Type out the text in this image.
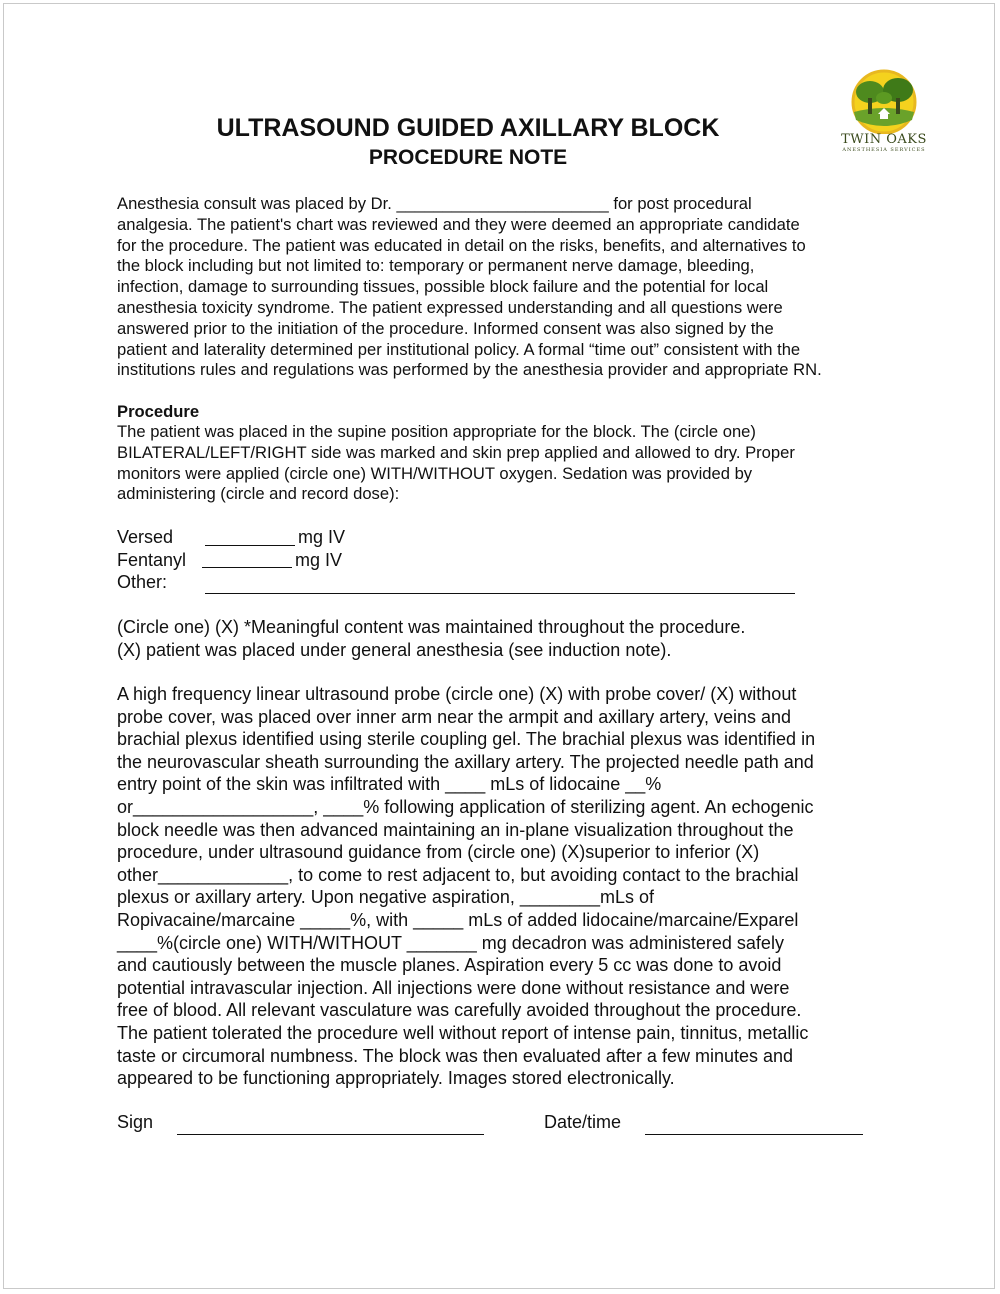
TWIN OAKS
ANESTHESIA SERVICES
ULTRASOUND GUIDED AXILLARY BLOCK
PROCEDURE NOTE

Anesthesia consult was placed by Dr. _______________________ for post procedural
analgesia. The patient's chart was reviewed and they were deemed an appropriate candidate
for the procedure. The patient was educated in detail on the risks, benefits, and alternatives to
the block including but not limited to: temporary or permanent nerve damage, bleeding,
infection, damage to surrounding tissues, possible block failure and the potential for local
anesthesia toxicity syndrome. The patient expressed understanding and all questions were
answered prior to the initiation of the procedure. Informed consent was also signed by the
patient and laterality determined per institutional policy. A formal “time out” consistent with the
institutions rules and regulations was performed by the anesthesia provider and appropriate RN.

Procedure

The patient was placed in the supine position appropriate for the block. The (circle one)
BILATERAL/LEFT/RIGHT side was marked and skin prep applied and allowed to dry. Proper
monitors were applied (circle one) WITH/WITHOUT oxygen. Sedation was provided by
administering (circle and record dose):

Versed	mg IV
Fentanyl	mg IV
Other:

(Circle one) (X) *Meaningful content was maintained throughout the procedure.
(X) patient was placed under general anesthesia (see induction note).

A high frequency linear ultrasound probe (circle one) (X) with probe cover/ (X) without
probe cover, was placed over inner arm near the armpit and axillary artery, veins and
brachial plexus identified using sterile coupling gel. The brachial plexus was identified in
the neurovascular sheath surrounding the axillary artery. The projected needle path and
entry point of the skin was infiltrated with ____ mLs of lidocaine __%
or__________________, ____% following application of sterilizing agent. An echogenic
block needle was then advanced maintaining an in-plane visualization throughout the
procedure, under ultrasound guidance from (circle one) (X)superior to inferior (X)
other_____________, to come to rest adjacent to, but avoiding contact to the brachial
plexus or axillary artery. Upon negative aspiration, ________mLs of
Ropivacaine/marcaine _____%, with _____ mLs of added lidocaine/marcaine/Exparel
____%(circle one) WITH/WITHOUT _______ mg decadron was administered safely
and cautiously between the muscle planes. Aspiration every 5 cc was done to avoid
potential intravascular injection. All injections were done without resistance and were
free of blood. All relevant vasculature was carefully avoided throughout the procedure.
The patient tolerated the procedure well without report of intense pain, tinnitus, metallic
taste or circumoral numbness. The block was then evaluated after a few minutes and
appeared to be functioning appropriately. Images stored electronically.

Sign	Date/time
